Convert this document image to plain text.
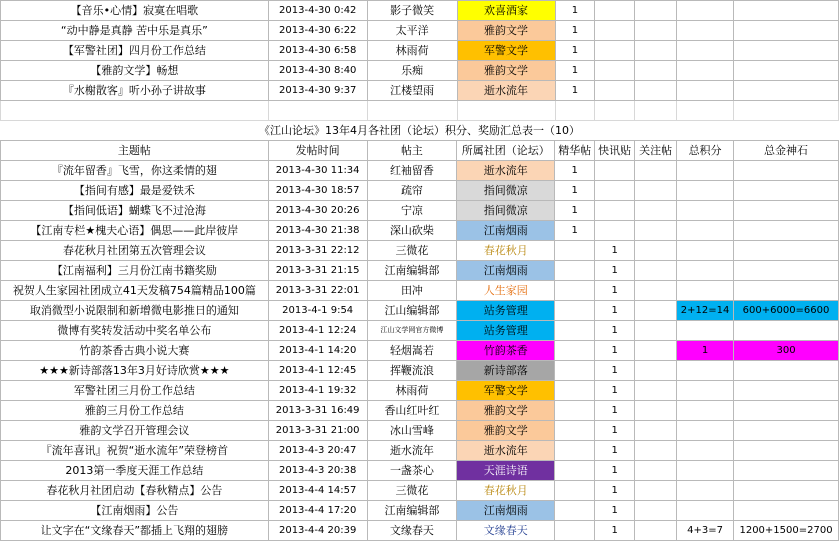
【音乐•心情】寂寞在唱歌	2013-4-30 0:42	影子微笑	欢喜酒家	1				
“动中静是真静 苦中乐是真乐”	2013-4-30 6:22	太平洋	雅韵文学	1				
【军警社团】四月份工作总结	2013-4-30 6:58	林雨荷	军警文学	1				
【雅韵文学】畅想	2013-4-30 8:40	乐痴	雅韵文学	1				
『水榭散客』听小孙子讲故事	2013-4-30 9:37	江楼望雨	逝水流年	1				

《江山论坛》13年4月各社团（论坛）积分、奖励汇总表一（10）
主题帖	发帖时间	帖主	所属社团（论坛）	精华帖	快讯贴	关注帖	总积分	总金神石
『流年留香』飞雪，你这柔情的翅	2013-4-30 11:34	红袖留香	逝水流年	1				
【指间有感】最是爱铁禾	2013-4-30 18:57	疏帘	指间微凉	1				
【指间低语】蝴蝶飞不过沧海	2013-4-30 20:26	宁凉	指间微凉	1				
【江南专栏★槐夫心语】偶思——此岸彼岸	2013-4-30 21:38	深山砍柴	江南烟雨	1				
春花秋月社团第五次管理会议	2013-3-31 22:12	三微花	春花秋月		1			
【江南福利】三月份江南书籍奖励	2013-3-31 21:15	江南编辑部	江南烟雨		1			
祝贺人生家园社团成立41天发稿754篇精品100篇	2013-3-31 22:01	田冲	人生家园		1			
取消微型小说限制和新增微电影推日的通知	2013-4-1 9:54	江山编辑部	站务管理		1		2+12=14	600+6000=6600
微博有奖转发活动中奖名单公布	2013-4-1 12:24	江山文学网官方微博	站务管理		1			
竹韵茶香古典小说大赛	2013-4-1 14:20	轻烟嵩若	竹韵茶香		1		1	300
★★★新诗部落13年3月好诗欣赏★★★	2013-4-1 12:45	挥鞭流浪	新诗部落		1			
军警社团三月份工作总结	2013-4-1 19:32	林雨荷	军警文学		1			
雅韵三月份工作总结	2013-3-31 16:49	香山红叶红	雅韵文学		1			
雅韵文学召开管理会议	2013-3-31 21:00	冰山雪峰	雅韵文学		1			
『流年喜讯』祝贺“逝水流年”荣登榜首	2013-4-3 20:47	逝水流年	逝水流年		1			
2013第一季度天涯工作总结	2013-4-3 20:38	一盏茶心	天涯诗语		1			
春花秋月社团启动【春秋精点】公告	2013-4-4 14:57	三微花	春花秋月		1			
【江南烟雨】公告	2013-4-4 17:20	江南编辑部	江南烟雨		1			
让文字在“文缘春天”都插上飞翔的翅膀	2013-4-4 20:39	文缘春天	文缘春天		1		4+3=7	1200+1500=2700
